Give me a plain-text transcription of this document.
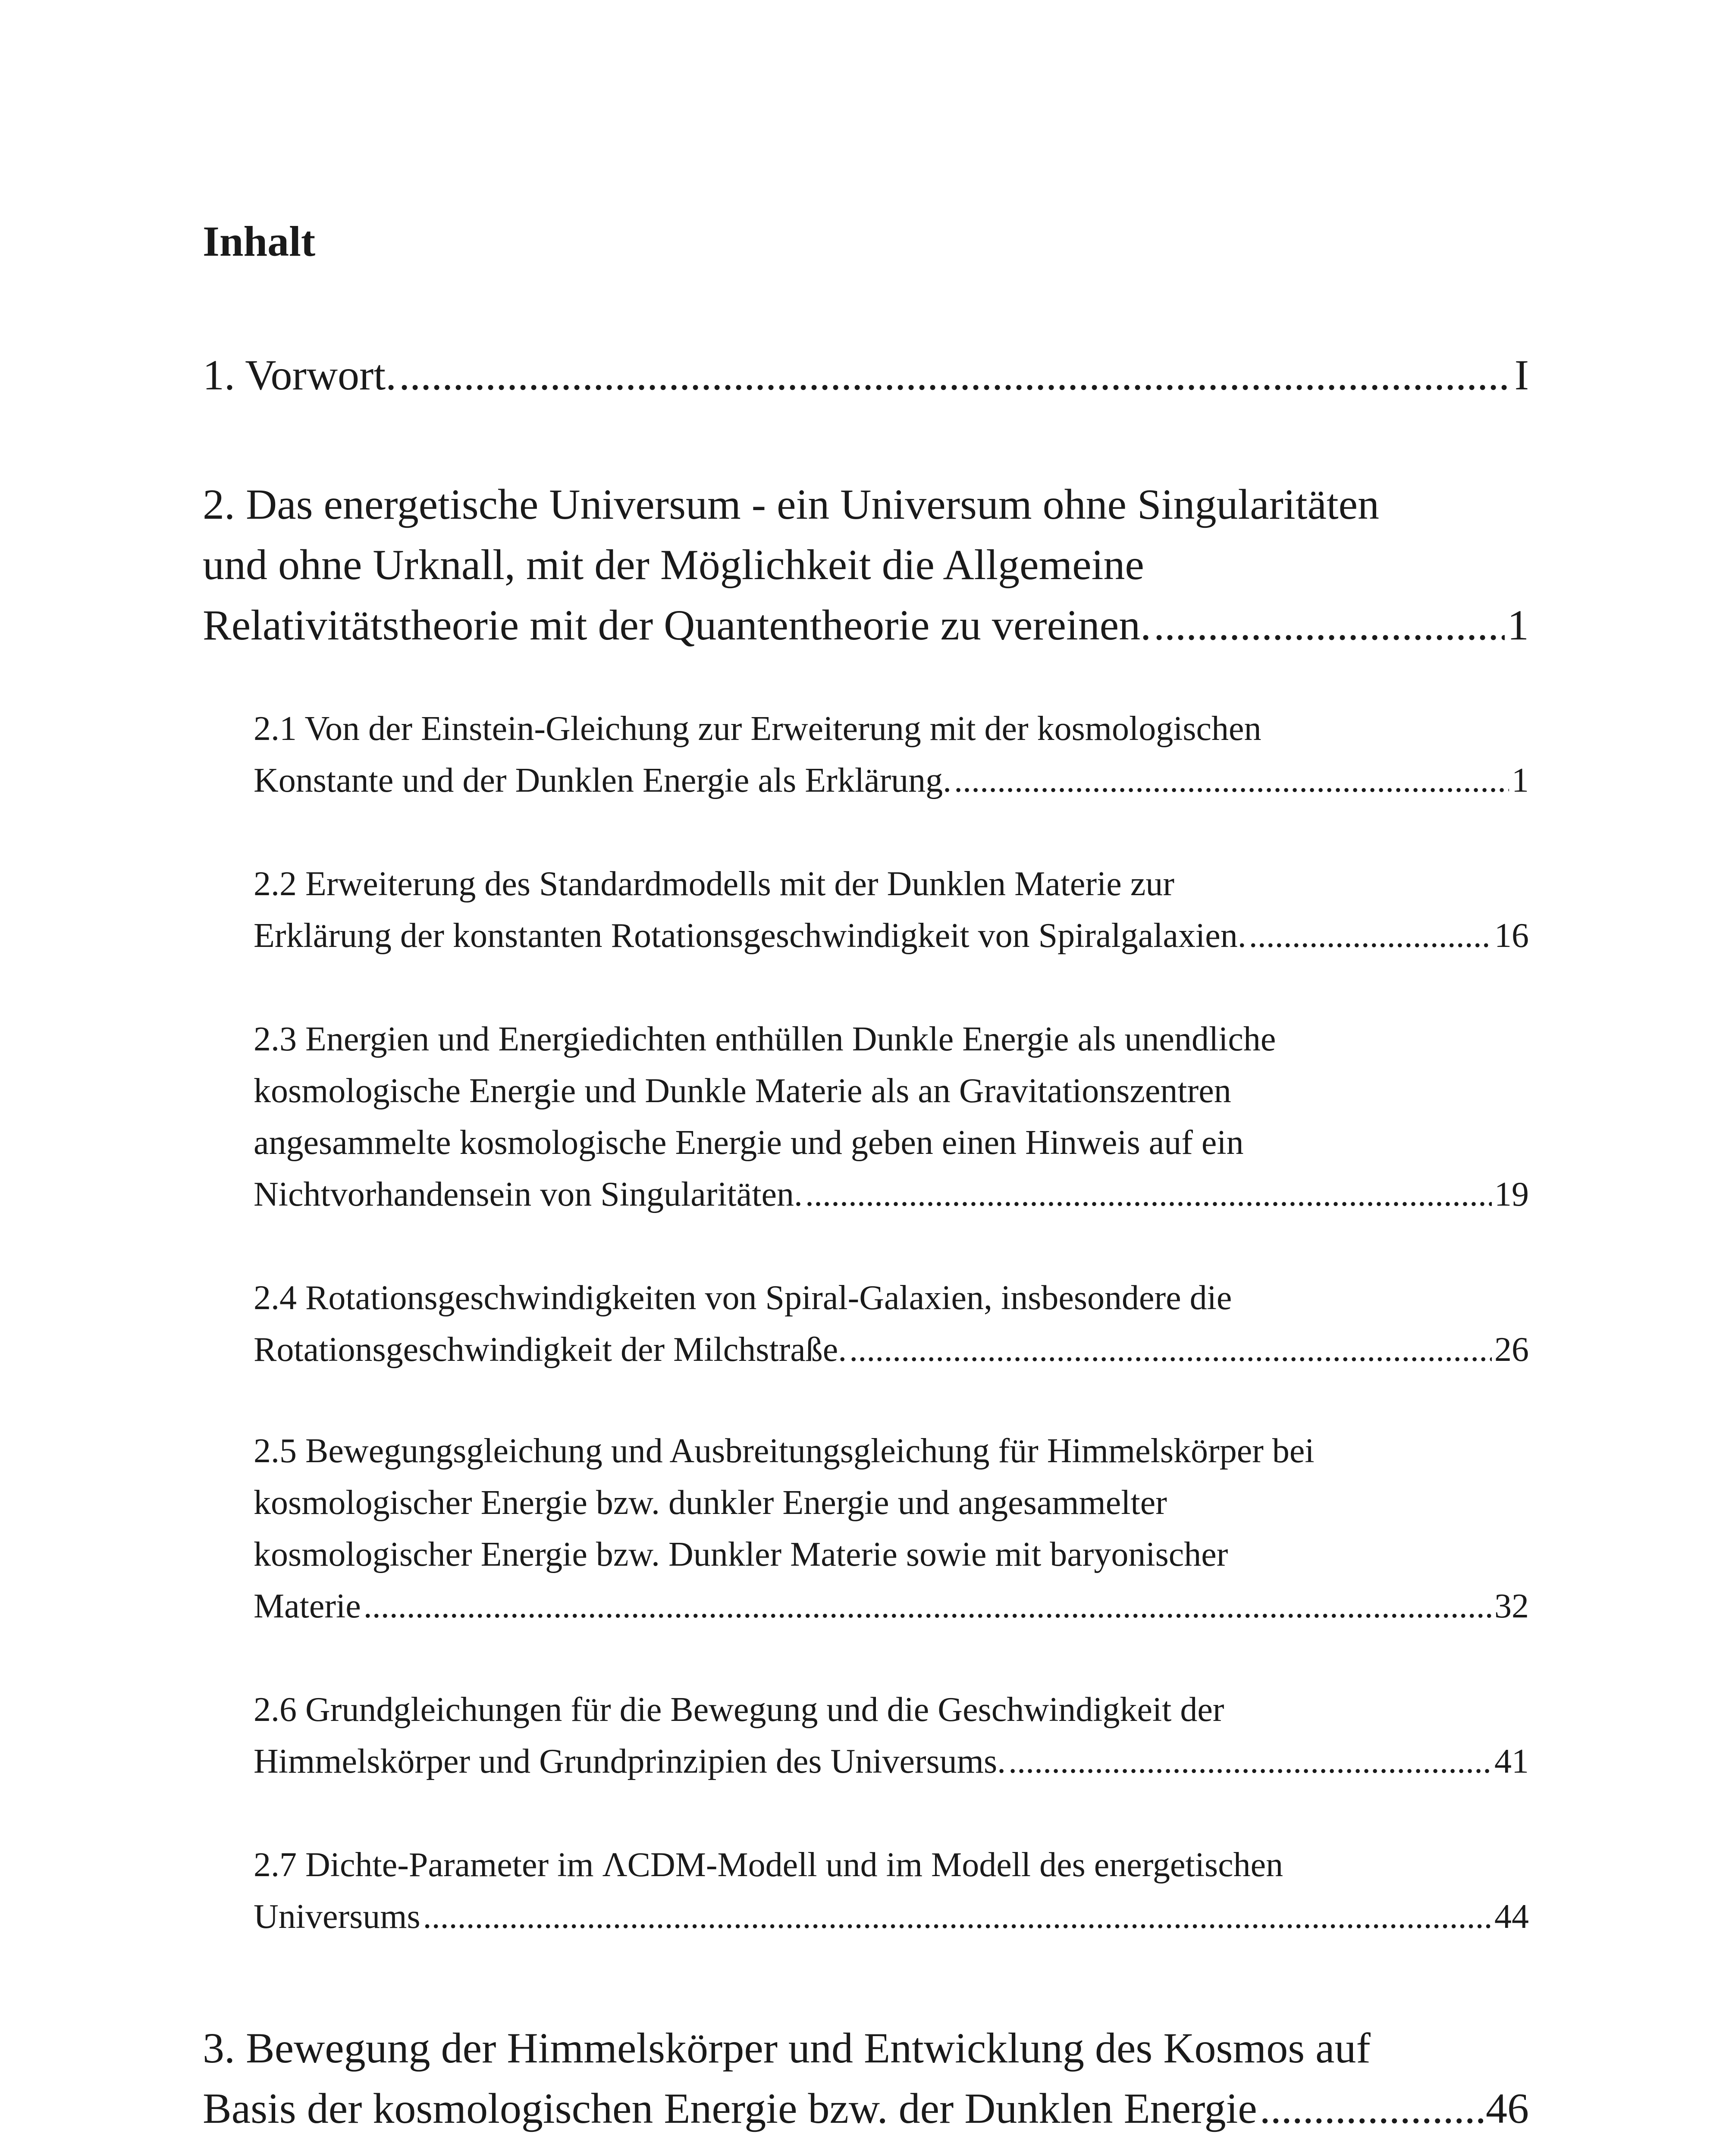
Inhalt
1. Vorwort. .....	I
2. Das energetische Universum - ein Universum ohne Singularitäten
und ohne Urknall, mit der Möglichkeit die Allgemeine
Relativitätstheorie mit der Quantentheorie zu vereinen. .....	1
2.1 Von der Einstein-Gleichung zur Erweiterung mit der kosmologischen
Konstante und der Dunklen Energie als Erklärung. .....	1
2.2 Erweiterung des Standardmodells mit der Dunklen Materie zur
Erklärung der konstanten Rotationsgeschwindigkeit von Spiralgalaxien. .....	16
2.3 Energien und Energiedichten enthüllen Dunkle Energie als unendliche
kosmologische Energie und Dunkle Materie als an Gravitationszentren
angesammelte kosmologische Energie und geben einen Hinweis auf ein
Nichtvorhandensein von Singularitäten. .....	19
2.4 Rotationsgeschwindigkeiten von Spiral-Galaxien, insbesondere die
Rotationsgeschwindigkeit der Milchstraße. .....	26
2.5 Bewegungsgleichung und Ausbreitungsgleichung für Himmelskörper bei
kosmologischer Energie bzw. dunkler Energie und angesammelter
kosmologischer Energie bzw. Dunkler Materie sowie mit baryonischer
Materie .....	32
2.6 Grundgleichungen für die Bewegung und die Geschwindigkeit der
Himmelskörper und Grundprinzipien des Universums. .....	41
2.7 Dichte-Parameter im ΛCDM-Modell und im Modell des energetischen
Universums .....	44
3. Bewegung der Himmelskörper und Entwicklung des Kosmos auf
Basis der kosmologischen Energie bzw. der Dunklen Energie .....	46
